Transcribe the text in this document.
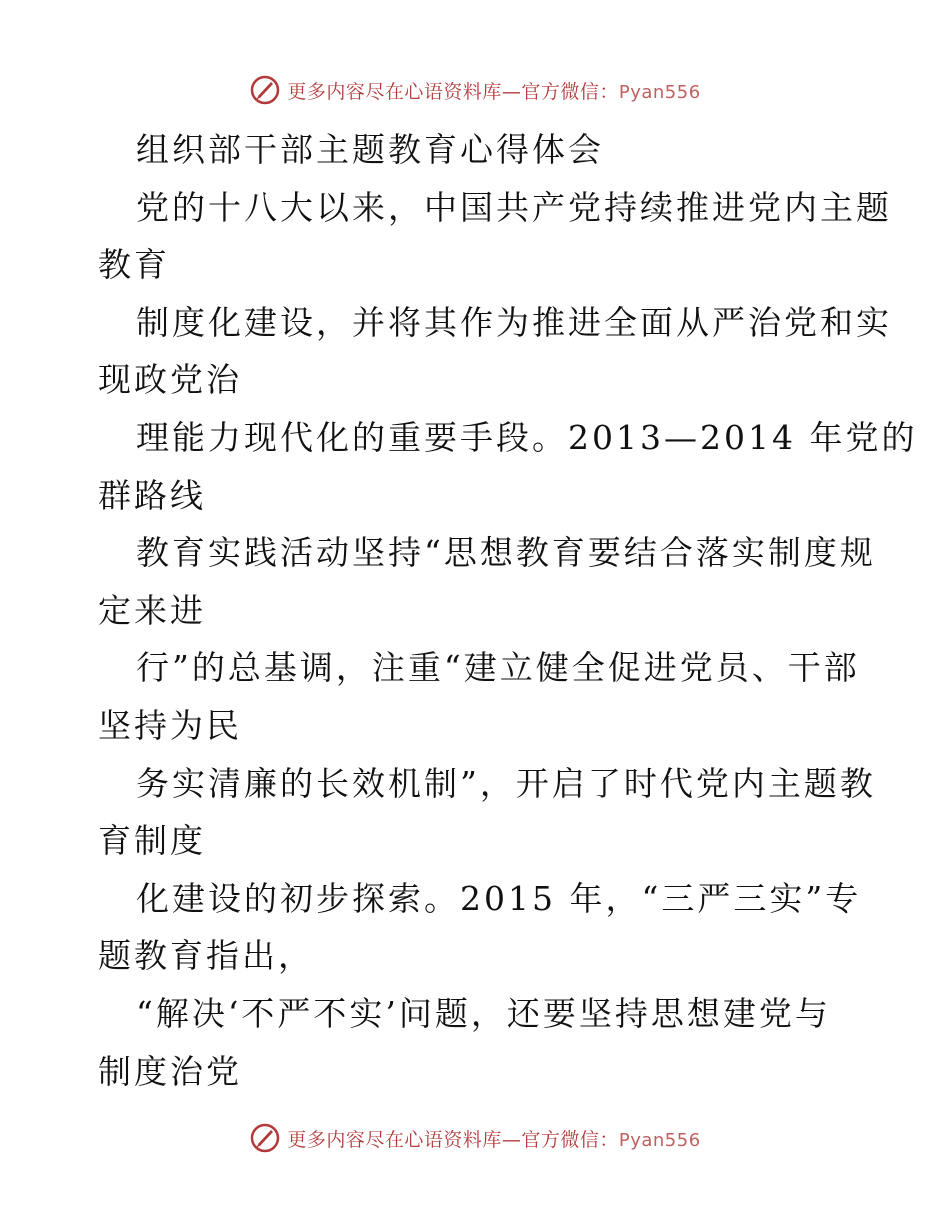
更多内容尽在心语资料库—官方微信：Pyan556
组织部干部主题教育心得体会
党的十八大以来，中国共产党持续推进党内主题
教育
制度化建设，并将其作为推进全面从严治党和实
现政党治
理能力现代化的重要手段。2013—2014 年党的
群路线
教育实践活动坚持“思想教育要结合落实制度规
定来进
行”的总基调，注重“建立健全促进党员、干部
坚持为民
务实清廉的长效机制”，开启了时代党内主题教
育制度
化建设的初步探索。2015 年，“三严三实”专
题教育指出，
“解决‘不严不实’问题，还要坚持思想建党与
制度治党
更多内容尽在心语资料库—官方微信：Pyan556
